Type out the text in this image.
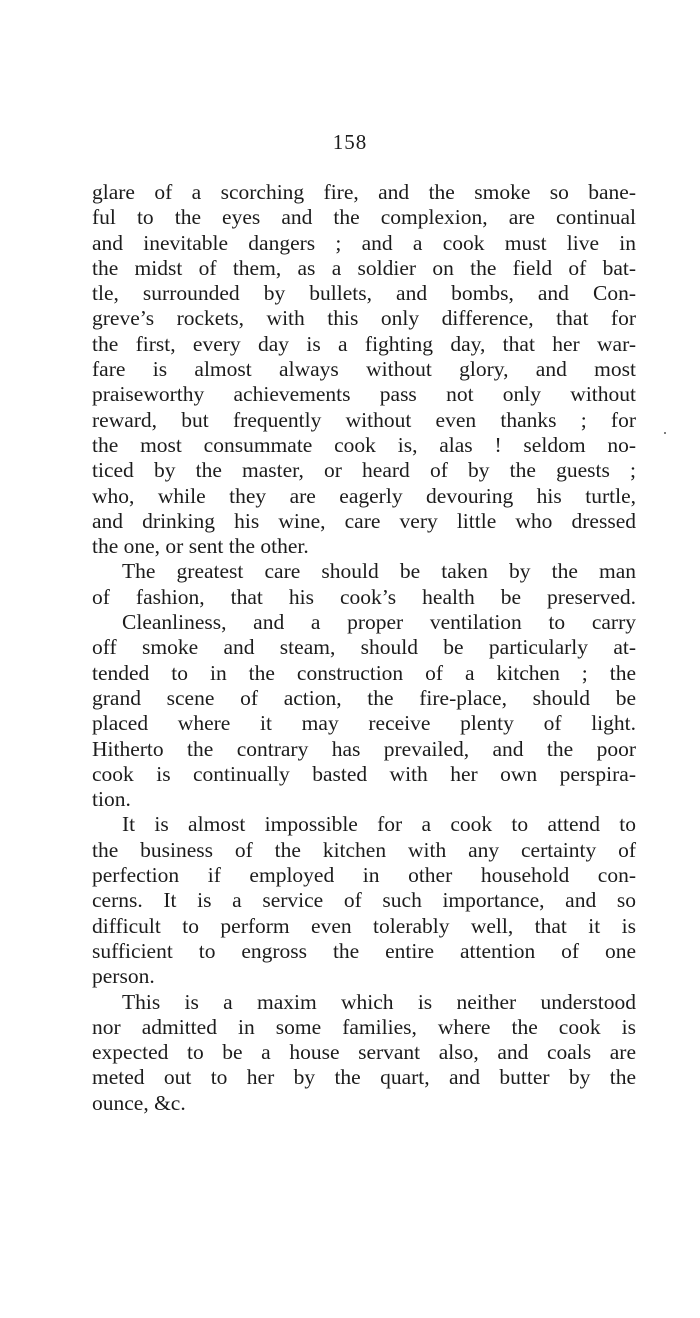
158
glare of a scorching fire, and the smoke so bane-
ful to the eyes and the complexion, are continual
and inevitable dangers ; and a cook must live in
the midst of them, as a soldier on the field of bat-
tle, surrounded by bullets, and bombs, and Con-
greve’s rockets, with this only difference, that for
the first, every day is a fighting day, that her war-
fare is almost always without glory, and most
praiseworthy achievements pass not only without
reward, but frequently without even thanks ; for
the most consummate cook is, alas ! seldom no-
ticed by the master, or heard of by the guests ;
who, while they are eagerly devouring his turtle,
and drinking his wine, care very little who dressed
the one, or sent the other.
The greatest care should be taken by the man
of fashion, that his cook’s health be preserved.
Cleanliness, and a proper ventilation to carry
off smoke and steam, should be particularly at-
tended to in the construction of a kitchen ; the
grand scene of action, the fire-place, should be
placed where it may receive plenty of light.
Hitherto the contrary has prevailed, and the poor
cook is continually basted with her own perspira-
tion.
It is almost impossible for a cook to attend to
the business of the kitchen with any certainty of
perfection if employed in other household con-
cerns. It is a service of such importance, and so
difficult to perform even tolerably well, that it is
sufficient to engross the entire attention of one
person.
This is a maxim which is neither understood
nor admitted in some families, where the cook is
expected to be a house servant also, and coals are
meted out to her by the quart, and butter by the
ounce, &c.
